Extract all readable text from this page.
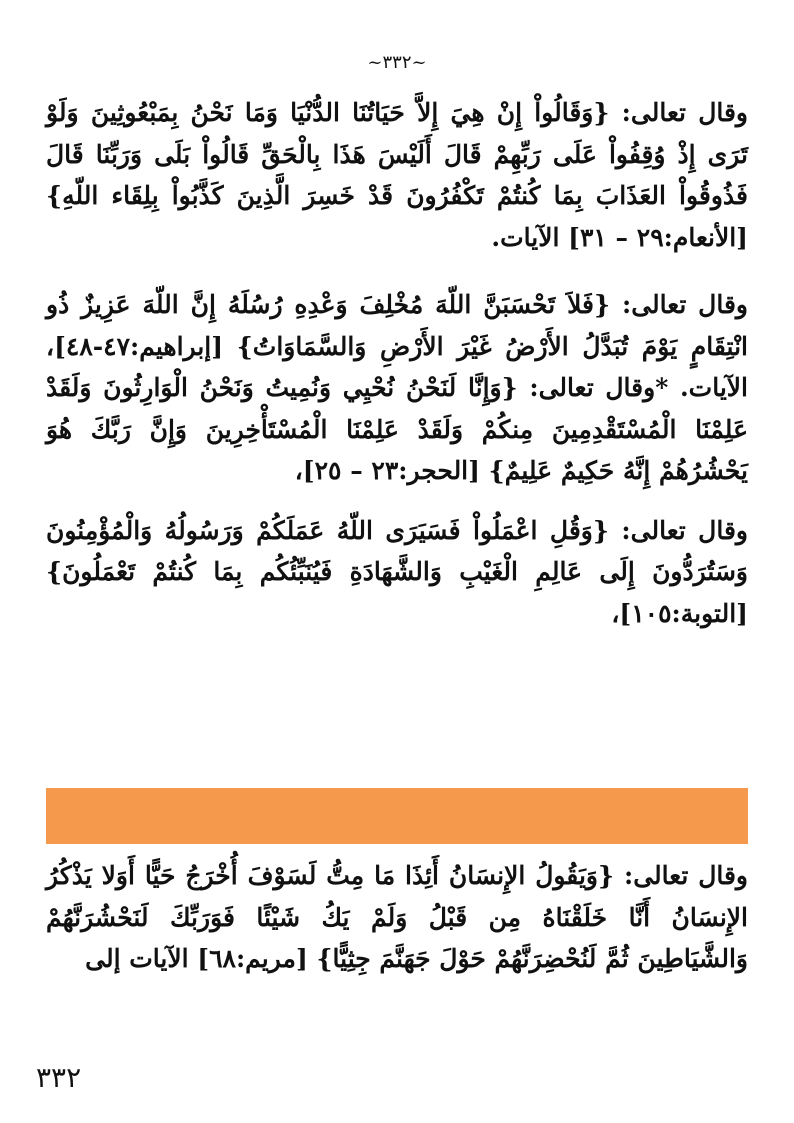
~٣٣٢~

وقال تعالى: {وَقَالُواْ إِنْ هِيَ إِلاَّ حَيَاتُنَا الدُّنْيَا وَمَا نَحْنُ بِمَبْعُوثِينَ وَلَوْ تَرَى إِذْ وُقِفُواْ عَلَى رَبِّهِمْ قَالَ أَلَيْسَ هَذَا بِالْحَقِّ قَالُواْ بَلَى وَرَبِّنَا قَالَ فَذُوقُواْ العَذَابَ بِمَا كُنتُمْ تَكْفُرُونَ قَدْ خَسِرَ الَّذِينَ كَذَّبُواْ بِلِقَاء اللّهِ} [الأنعام:٢٩ – ٣١] الآيات.

وقال تعالى: {فَلاَ تَحْسَبَنَّ اللّهَ مُخْلِفَ وَعْدِهِ رُسُلَهُ إِنَّ اللّهَ عَزِيزٌ ذُو انْتِقَامٍ يَوْمَ تُبَدَّلُ الأَرْضُ غَيْرَ الأَرْضِ وَالسَّمَاوَاتُ} [إبراهيم:٤٧-٤٨]، الآيات. *وقال تعالى: {وَإِنَّا لَنَحْنُ نُحْيِي وَنُمِيتُ وَنَحْنُ الْوَارِثُونَ وَلَقَدْ عَلِمْنَا الْمُسْتَقْدِمِينَ مِنكُمْ وَلَقَدْ عَلِمْنَا الْمُسْتَأْخِرِينَ وَإِنَّ رَبَّكَ هُوَ يَحْشُرُهُمْ إِنَّهُ حَكِيمٌ عَلِيمٌ} [الحجر:٢٣ – ٢٥]،

وقال تعالى: {وَقُلِ اعْمَلُواْ فَسَيَرَى اللّهُ عَمَلَكُمْ وَرَسُولُهُ وَالْمُؤْمِنُونَ وَسَتُرَدُّونَ إِلَى عَالِمِ الْغَيْبِ وَالشَّهَادَةِ فَيُنَبِّئُكُم بِمَا كُنتُمْ تَعْمَلُونَ} [التوبة:١٠٥]،

وقال تعالى: {وَيَقُولُ الإِنسَانُ أَئِذَا مَا مِتُّ لَسَوْفَ أُخْرَجُ حَيًّا أَوَلا يَذْكُرُ الإِنسَانُ أَنَّا خَلَقْنَاهُ مِن قَبْلُ وَلَمْ يَكُ شَيْئًا فَوَرَبِّكَ لَنَحْشُرَنَّهُمْ وَالشَّيَاطِينَ ثُمَّ لَنُحْضِرَنَّهُمْ حَوْلَ جَهَنَّمَ جِثِيًّا} [مريم:٦٨] الآيات إلى

٣٣٢
